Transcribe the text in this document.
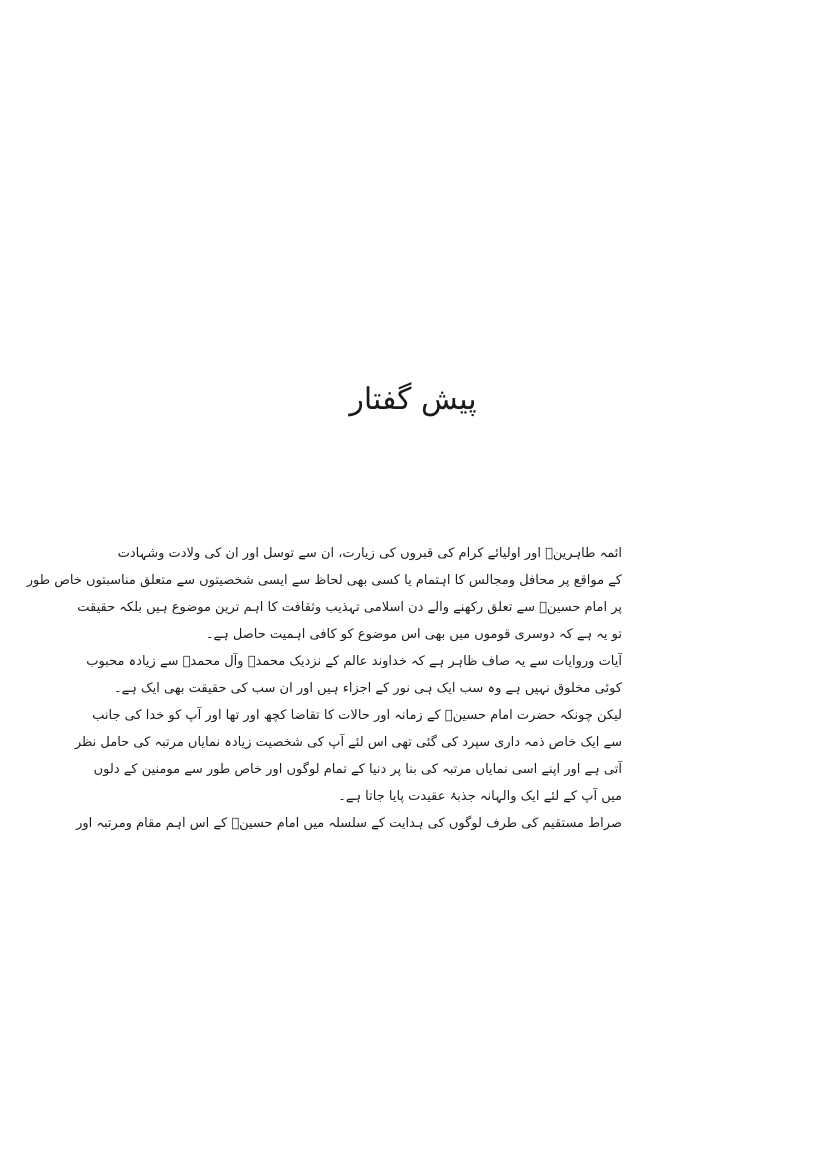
پیش گفتار
ائمہ طاہرینؑ اور اولیائے کرام کی قبروں کی زیارت، ان سے توسل اور ان کی ولادت وشہادت
کے مواقع پر محافل ومجالس کا اہتمام یا کسی بھی لحاظ سے ایسی شخصیتوں سے متعلق مناسبتوں خاص طور
پر امام حسینؑ سے تعلق رکھنے والے دن اسلامی تہذیب وثقافت کا اہم ترین موضوع ہیں بلکہ حقیقت
تو یہ ہے کہ دوسری قوموں میں بھی اس موضوع کو کافی اہمیت حاصل ہے۔
آیات وروایات سے یہ صاف ظاہر ہے کہ خداوند عالم کے نزدیک محمدؐ وآل محمدؑ سے زیادہ محبوب
کوئی مخلوق نہیں ہے وہ سب ایک ہی نور کے اجزاء ہیں اور ان سب کی حقیقت بھی ایک ہے۔
لیکن چونکہ حضرت امام حسینؑ کے زمانہ اور حالات کا تقاضا کچھ اور تھا اور آپ کو خدا کی جانب
سے ایک خاص ذمہ داری سپرد کی گئی تھی اس لئے آپ کی شخصیت زیادہ نمایاں مرتبہ کی حامل نظر
آتی ہے اور اپنے اسی نمایاں مرتبہ کی بنا پر دنیا کے تمام لوگوں اور خاص طور سے مومنین کے دلوں
میں آپ کے لئے ایک والہانہ جذبۂ عقیدت پایا جاتا ہے۔
صراط مستقیم کی طرف لوگوں کی ہدایت کے سلسلہ میں امام حسینؑ کے اس اہم مقام ومرتبہ اور
